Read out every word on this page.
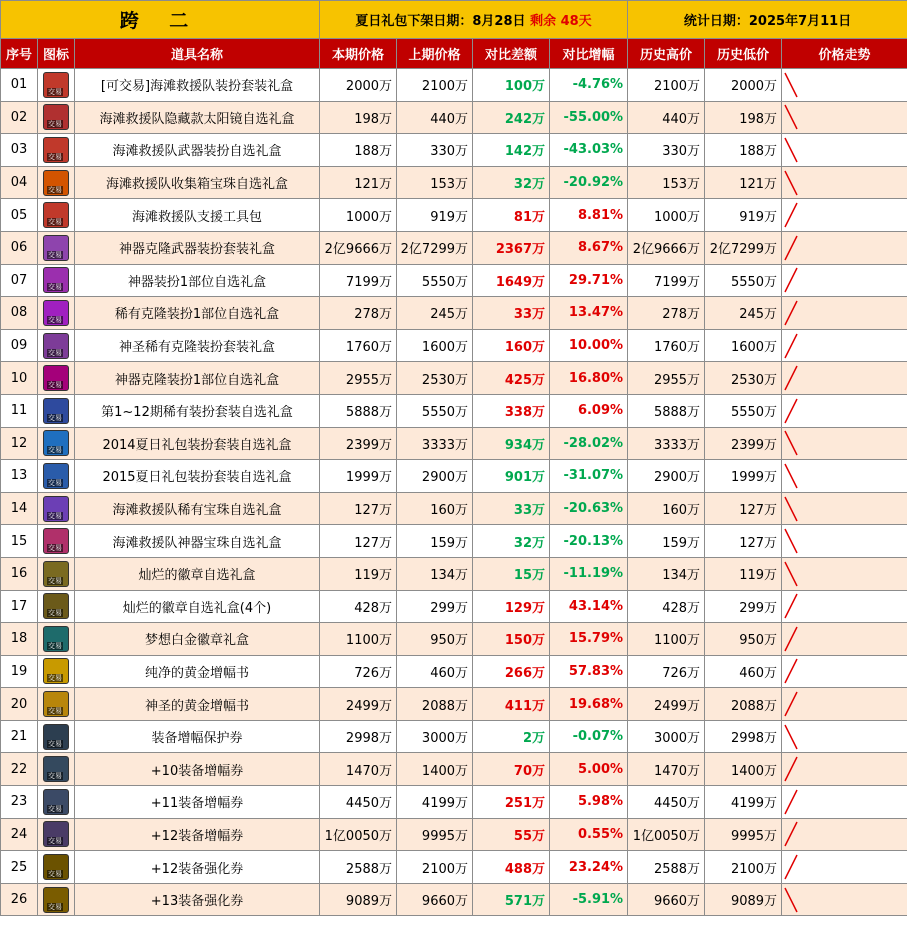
跨 二			夏日礼包下架日期：8月28日 剩余 48天				统计日期：2025年7月11日		
序号	图标	道具名称	本期价格	上期价格	对比差额	对比增幅	历史高价	历史低价	价格走势
01	交易	[可交易]海滩救援队装扮套装礼盒	2000万	2100万	100万	-4.76%	2100万	2000万	

02	交易	海滩救援队隐藏款太阳镜自选礼盒	198万	440万	242万	-55.00%	440万	198万	

03	交易	海滩救援队武器装扮自选礼盒	188万	330万	142万	-43.03%	330万	188万	

04	交易	海滩救援队收集箱宝珠自选礼盒	121万	153万	32万	-20.92%	153万	121万	

05	交易	海滩救援队支援工具包	1000万	919万	81万	8.81%	1000万	919万	

06	交易	神器克隆武器装扮套装礼盒	2亿9666万	2亿7299万	2367万	8.67%	2亿9666万	2亿7299万	

07	交易	神器装扮1部位自选礼盒	7199万	5550万	1649万	29.71%	7199万	5550万	

08	交易	稀有克隆装扮1部位自选礼盒	278万	245万	33万	13.47%	278万	245万	

09	交易	神圣稀有克隆装扮套装礼盒	1760万	1600万	160万	10.00%	1760万	1600万	

10	交易	神器克隆装扮1部位自选礼盒	2955万	2530万	425万	16.80%	2955万	2530万	

11	交易	第1~12期稀有装扮套装自选礼盒	5888万	5550万	338万	6.09%	5888万	5550万	

12	交易	2014夏日礼包装扮套装自选礼盒	2399万	3333万	934万	-28.02%	3333万	2399万	

13	交易	2015夏日礼包装扮套装自选礼盒	1999万	2900万	901万	-31.07%	2900万	1999万	

14	交易	海滩救援队稀有宝珠自选礼盒	127万	160万	33万	-20.63%	160万	127万	

15	交易	海滩救援队神器宝珠自选礼盒	127万	159万	32万	-20.13%	159万	127万	

16	交易	灿烂的徽章自选礼盒	119万	134万	15万	-11.19%	134万	119万	

17	交易	灿烂的徽章自选礼盒(4个)	428万	299万	129万	43.14%	428万	299万	

18	交易	梦想白金徽章礼盒	1100万	950万	150万	15.79%	1100万	950万	

19	交易	纯净的黄金增幅书	726万	460万	266万	57.83%	726万	460万	

20	交易	神圣的黄金增幅书	2499万	2088万	411万	19.68%	2499万	2088万	

21	交易	装备增幅保护券	2998万	3000万	2万	-0.07%	3000万	2998万	

22	交易	+10装备增幅券	1470万	1400万	70万	5.00%	1470万	1400万	

23	交易	+11装备增幅券	4450万	4199万	251万	5.98%	4450万	4199万	

24	交易	+12装备增幅券	1亿0050万	9995万	55万	0.55%	1亿0050万	9995万	

25	交易	+12装备强化券	2588万	2100万	488万	23.24%	2588万	2100万	

26	交易	+13装备强化券	9089万	9660万	571万	-5.91%	9660万	9089万	
